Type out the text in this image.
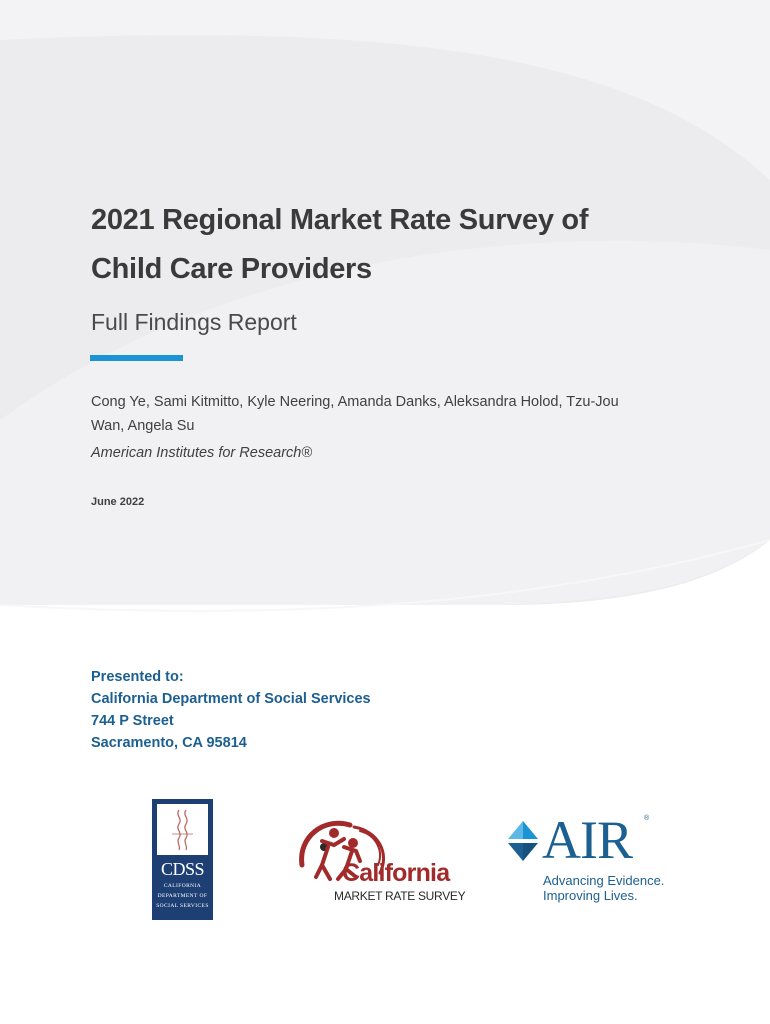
2021 Regional Market Rate Survey of
Child Care Providers
Full Findings Report
Cong Ye, Sami Kitmitto, Kyle Neering, Amanda Danks, Aleksandra Holod, Tzu-Jou
Wan, Angela Su
American Institutes for Research®
June 2022
Presented to:
California Department of Social Services
744 P Street
Sacramento, CA 95814
CDSS
CALIFORNIA
DEPARTMENT OF
SOCIAL SERVICES
California
MARKET RATE SURVEY
AIR ®
Advancing Evidence.
Improving Lives.
